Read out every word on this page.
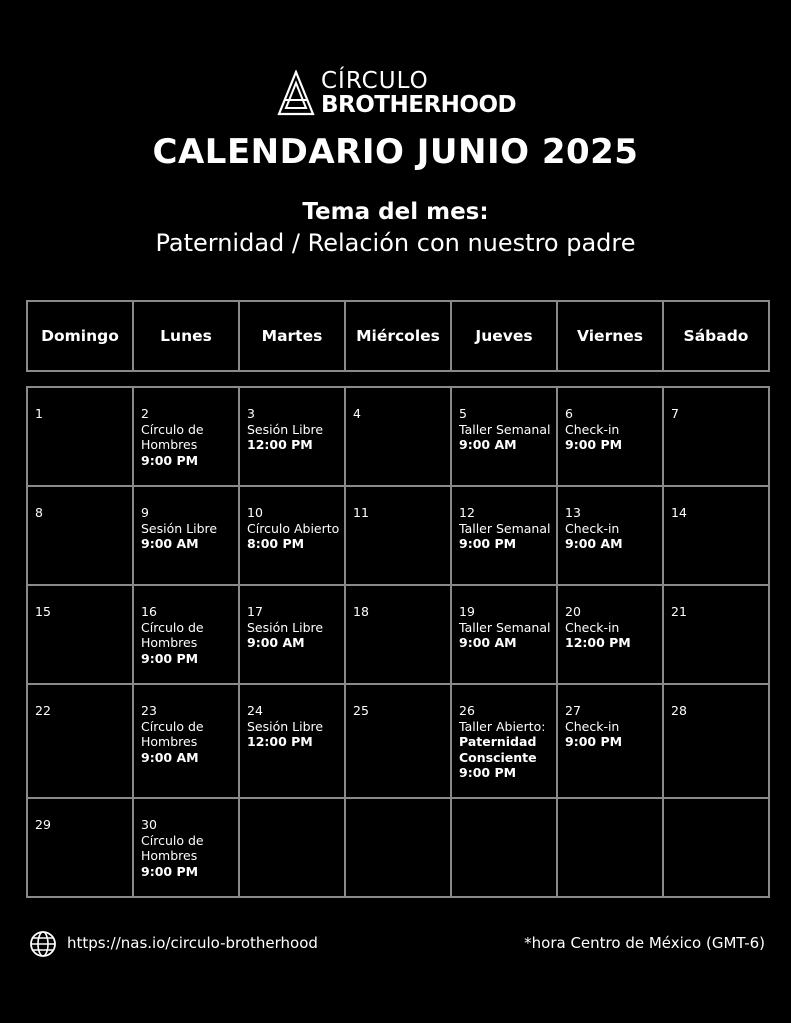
CÍRCULO
BROTHERHOOD
CALENDARIO JUNIO 2025
Tema del mes:
Paternidad / Relación con nuestro padre
Domingo	Lunes	Martes	Miércoles	Jueves	Viernes	Sábado
1	2
Círculo de Hombres
9:00 PM	3
Sesión Libre
12:00 PM	4	5
Taller Semanal
9:00 AM	6
Check-in
9:00 PM	7

8	9
Sesión Libre
9:00 AM	10
Círculo Abierto
8:00 PM	11	12
Taller Semanal
9:00 PM	13
Check-in
9:00 AM	14

15	16
Círculo de Hombres
9:00 PM	17
Sesión Libre
9:00 AM	18	19
Taller Semanal
9:00 AM	20
Check-in
12:00 PM	21

22	23
Círculo de Hombres
9:00 AM	24
Sesión Libre
12:00 PM	25	26
Taller Abierto:
Paternidad Consciente
9:00 PM	27
Check-in
9:00 PM	28

29	30
Círculo de Hombres
9:00 PM					

https://nas.io/circulo-brotherhood	*hora Centro de México (GMT-6)
